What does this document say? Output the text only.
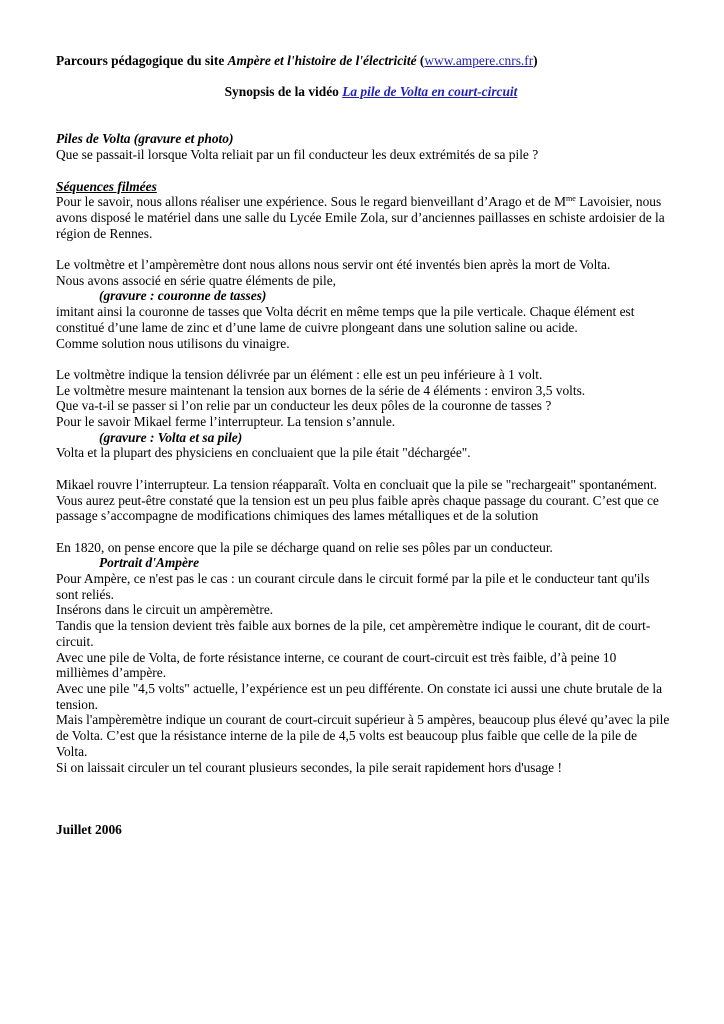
Parcours pédagogique du site Ampère et l'histoire de l'électricité (www.ampere.cnrs.fr)
Synopsis de la vidéo La pile de Volta en court-circuit
Piles de Volta (gravure et photo)
Que se passait-il lorsque Volta reliait par un fil conducteur les deux extrémités de sa pile ?
Séquences filmées
Pour le savoir, nous allons réaliser une expérience. Sous le regard bienveillant d’Arago et de $M^{me}$ Lavoisier, nous
avons disposé le matériel dans une salle du Lycée Emile Zola, sur d’anciennes paillasses en schiste ardoisier de la
région de Rennes.
Le voltmètre et l’ampèremètre dont nous allons nous servir ont été inventés bien après la mort de Volta.
Nous avons associé en série quatre éléments de pile,
(gravure : couronne de tasses)
imitant ainsi la couronne de tasses que Volta décrit en même temps que la pile verticale. Chaque élément est
constitué d’une lame de zinc et d’une lame de cuivre plongeant dans une solution saline ou acide.
Comme solution nous utilisons du vinaigre.
Le voltmètre indique la tension délivrée par un élément : elle est un peu inférieure à 1 volt.
Le voltmètre mesure maintenant la tension aux bornes de la série de 4 éléments : environ 3,5 volts.
Que va-t-il se passer si l’on relie par un conducteur les deux pôles de la couronne de tasses ?
Pour le savoir Mikael ferme l’interrupteur. La tension s’annule.
(gravure : Volta et sa pile)
Volta et la plupart des physiciens en concluaient que la pile était "déchargée".
Mikael rouvre l’interrupteur. La tension réapparaît. Volta en concluait que la pile se "rechargeait" spontanément.
Vous aurez peut-être constaté que la tension est un peu plus faible après chaque passage du courant. C’est que ce
passage s’accompagne de modifications chimiques des lames métalliques et de la solution
En 1820, on pense encore que la pile se décharge quand on relie ses pôles par un conducteur.
Portrait d'Ampère
Pour Ampère, ce n'est pas le cas : un courant circule dans le circuit formé par la pile et le conducteur tant qu'ils
sont reliés.
Insérons dans le circuit un ampèremètre.
Tandis que la tension devient très faible aux bornes de la pile, cet ampèremètre indique le courant, dit de court-
circuit.
Avec une pile de Volta, de forte résistance interne, ce courant de court-circuit est très faible, d’à peine 10
millièmes d’ampère.
Avec une pile "4,5 volts" actuelle, l’expérience est un peu différente. On constate ici aussi une chute brutale de la
tension.
Mais l'ampèremètre indique un courant de court-circuit supérieur à 5 ampères, beaucoup plus élevé qu’avec la pile
de Volta. C’est que la résistance interne de la pile de 4,5 volts est beaucoup plus faible que celle de la pile de
Volta.
Si on laissait circuler un tel courant plusieurs secondes, la pile serait rapidement hors d'usage !
Juillet 2006
